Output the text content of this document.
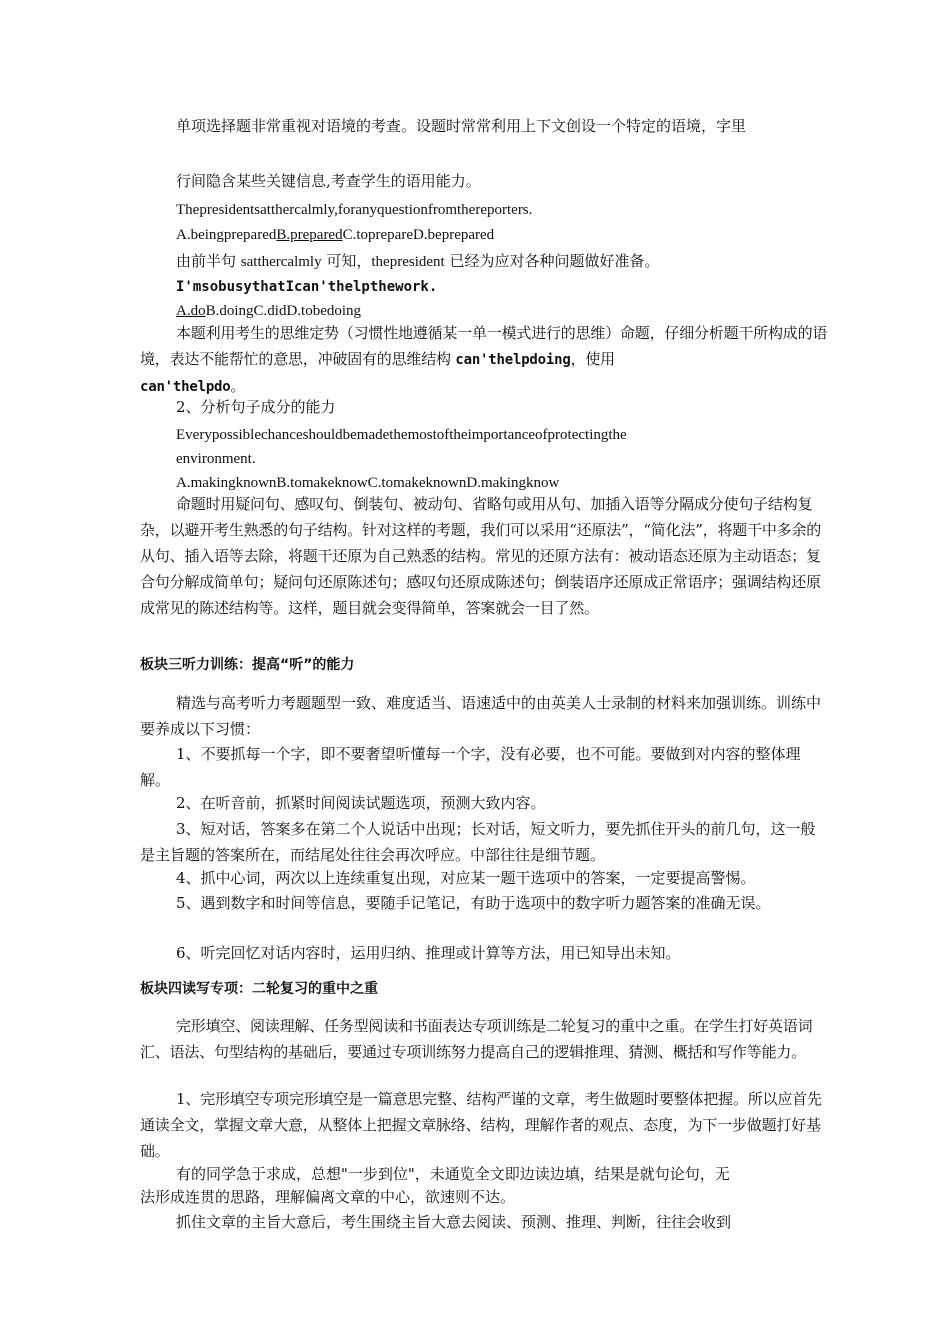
单项选择题非常重视对语境的考查。设题时常常利用上下文创设一个特定的语境，字里

行间隐含某些关键信息,考查学生的语用能力。

Thepresidentsatthercalmly,foranyquestionfromthereporters.

A.beingpreparedB.preparedC.toprepareD.beprepared

由前半句 satthercalmly 可知，thepresident 已经为应对各种问题做好准备。

I'msobusythatIcan'thelpthework.

A.doB.doingC.didD.tobedoing

本题利用考生的思维定势（习惯性地遵循某一单一模式进行的思维）命题，仔细分析题干所构成的语境，表达不能帮忙的意思，冲破固有的思维结构 can'thelpdoing，使用
can'thelpdo。

2、分析句子成分的能力

Everypossiblechanceshouldbemadethemostoftheimportanceofprotectingthe

environment.

A.makingknownB.tomakeknowC.tomakeknownD.makingknow

命题时用疑问句、感叹句、倒装句、被动句、省略句或用从句、加插入语等分隔成分使句子结构复杂，以避开考生熟悉的句子结构。针对这样的考题，我们可以采用“还原法”，“简化法”，将题干中多余的从句、插入语等去除，将题干还原为自己熟悉的结构。常见的还原方法有：被动语态还原为主动语态；复合句分解成简单句；疑问句还原陈述句；感叹句还原成陈述句；倒装语序还原成正常语序；强调结构还原成常见的陈述结构等。这样，题目就会变得简单，答案就会一目了然。

板块三听力训练：提高“听”的能力

精选与高考听力考题题型一致、难度适当、语速适中的由英美人士录制的材料来加强训练。训练中要养成以下习惯：

1、不要抓每一个字，即不要奢望听懂每一个字，没有必要，也不可能。要做到对内容的整体理解。

2、在听音前，抓紧时间阅读试题选项，预测大致内容。

3、短对话，答案多在第二个人说话中出现；长对话，短文听力，要先抓住开头的前几句，这一般是主旨题的答案所在，而结尾处往往会再次呼应。中部往往是细节题。

4、抓中心词，两次以上连续重复出现，对应某一题干选项中的答案，一定要提高警惕。

5、遇到数字和时间等信息，要随手记笔记，有助于选项中的数字听力题答案的准确无误。

6、听完回忆对话内容时，运用归纳、推理或计算等方法，用已知导出未知。

板块四读写专项：二轮复习的重中之重

完形填空、阅读理解、任务型阅读和书面表达专项训练是二轮复习的重中之重。在学生打好英语词汇、语法、句型结构的基础后，要通过专项训练努力提高自己的逻辑推理、猜测、概括和写作等能力。

1、完形填空专项完形填空是一篇意思完整、结构严谨的文章，考生做题时要整体把握。所以应首先通读全文，掌握文章大意，从整体上把握文章脉络、结构，理解作者的观点、态度，为下一步做题打好基础。

有的同学急于求成，总想"一步到位"，未通览全文即边读边填，结果是就句论句，无

法形成连贯的思路，理解偏离文章的中心，欲速则不达。

抓住文章的主旨大意后，考生围绕主旨大意去阅读、预测、推理、判断，往往会收到
